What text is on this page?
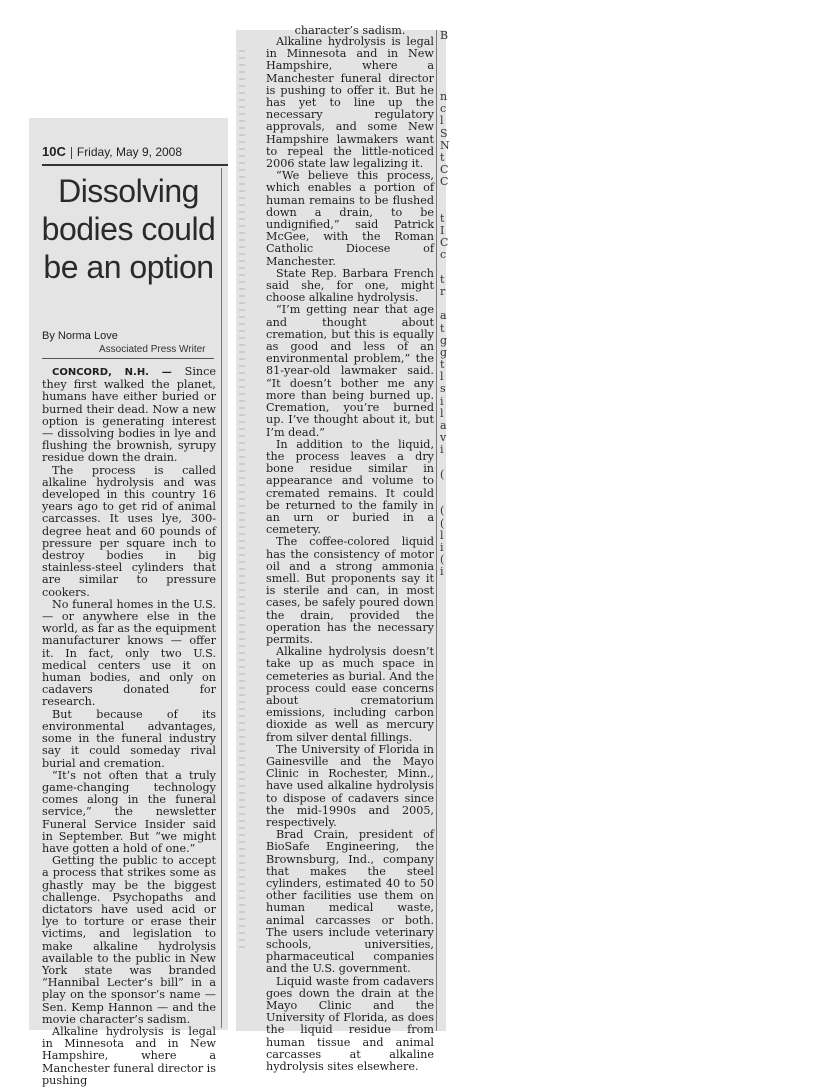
10C Friday, May 9, 2008
Dissolving bodies could be an option
By Norma Love
Associated Press Writer

CONCORD, N.H. — Since they first walked the planet, humans have either buried or burned their dead. Now a new option is generating interest — dissolving bodies in lye and flushing the brownish, syrupy residue down the drain.

The process is called alkaline hydrolysis and was developed in this country 16 years ago to get rid of animal carcasses. It uses lye, 300-degree heat and 60 pounds of pressure per square inch to destroy bodies in big stainless-steel cylinders that are similar to pressure cookers.

No funeral homes in the U.S. — or anywhere else in the world, as far as the equipment manufacturer knows — offer it. In fact, only two U.S. medical centers use it on human bodies, and only on cadavers donated for research.

But because of its environmental advantages, some in the funeral industry say it could someday rival burial and cremation.

“It’s not often that a truly game-changing technology comes along in the funeral service,” the newsletter Funeral Service Insider said in September. But “we might have gotten a hold of one.”

Getting the public to accept a process that strikes some as ghastly may be the biggest challenge. Psychopaths and dictators have used acid or lye to torture or erase their victims, and legislation to make alkaline hydrolysis available to the public in New York state was branded “Hannibal Lecter’s bill” in a play on the sponsor’s name — Sen. Kemp Hannon — and the movie character’s sadism.

Alkaline hydrolysis is legal in Minnesota and in New Hampshire, where a Manchester funeral director is pushing

character’s sadism.

Alkaline hydrolysis is legal in Minnesota and in New Hampshire, where a Manchester funeral director is pushing to offer it. But he has yet to line up the necessary regulatory approvals, and some New Hampshire lawmakers want to repeal the little-noticed 2006 state law legalizing it.

“We believe this process, which enables a portion of human remains to be flushed down a drain, to be undignified,” said Patrick McGee, with the Roman Catholic Diocese of Manchester.

State Rep. Barbara French said she, for one, might choose alkaline hydrolysis.

“I’m getting near that age and thought about cremation, but this is equally as good and less of an environmental problem,” the 81-year-old lawmaker said. “It doesn’t bother me any more than being burned up. Cremation, you’re burned up. I’ve thought about it, but I’m dead.”

In addition to the liquid, the process leaves a dry bone residue similar in appearance and volume to cremated remains. It could be returned to the family in an urn or buried in a cemetery.

The coffee-colored liquid has the consistency of motor oil and a strong ammonia smell. But proponents say it is sterile and can, in most cases, be safely poured down the drain, provided the operation has the necessary permits.

Alkaline hydrolysis doesn’t take up as much space in cemeteries as burial. And the process could ease concerns about crematorium emissions, including carbon dioxide as well as mercury from silver dental fillings.

The University of Florida in Gainesville and the Mayo Clinic in Rochester, Minn., have used alkaline hydrolysis to dispose of cadavers since the mid-1990s and 2005, respectively.

Brad Crain, president of BioSafe Engineering, the Brownsburg, Ind., company that makes the steel cylinders, estimated 40 to 50 other facilities use them on human medical waste, animal carcasses or both. The users include veterinary schools, universities, pharmaceutical companies and the U.S. government.

Liquid waste from cadavers goes down the drain at the Mayo Clinic and the University of Florida, as does the liquid residue from human tissue and animal carcasses at alkaline hydrolysis sites elsewhere.

B
n
c
l
S
N
t
C
C
t
I
C
c
t
r
a
t
g
g
t
l
s
i
l
a
v
i
(
(
(
l
i
(
i
